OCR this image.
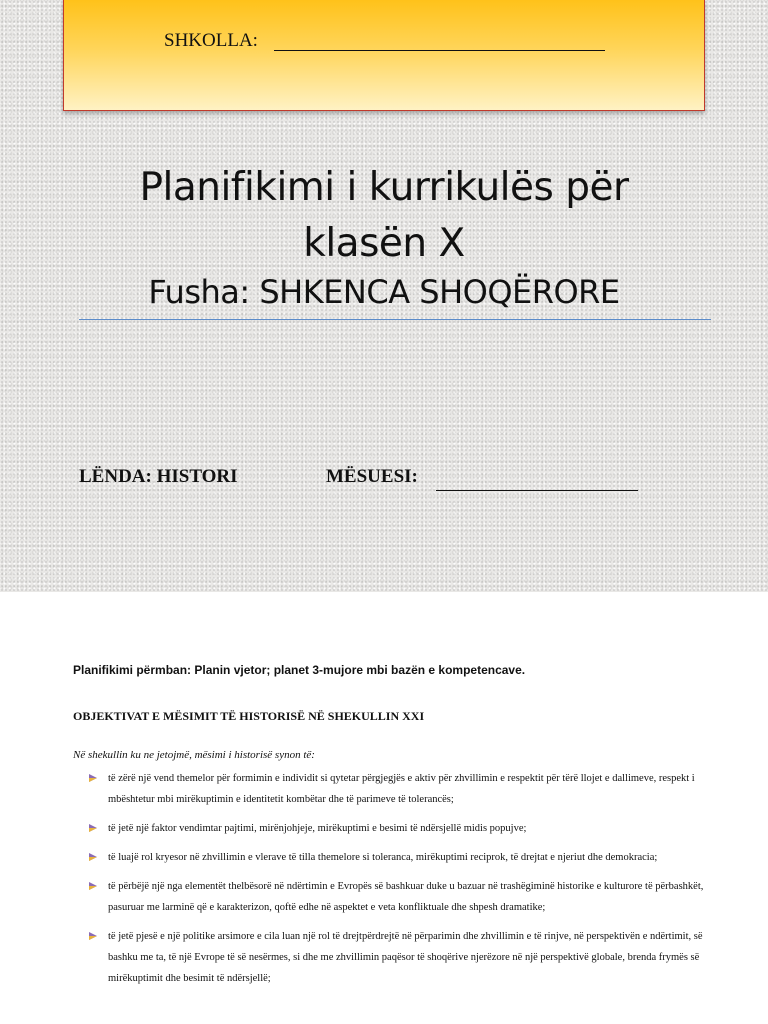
SHKOLLA:
Planifikimi i kurrikulës për
klasën X
Fusha: SHKENCA SHOQËRORE
LËNDA: HISTORI	MËSUESI:
Planifikimi përmban: Planin vjetor; planet 3-mujore mbi bazën e kompetencave.
OBJEKTIVAT E MËSIMIT TË HISTORISË NË SHEKULLIN XXI
Në shekullin ku ne jetojmë, mësimi i historisë synon të:
të zërë një vend themelor për formimin e individit si qytetar përgjegjës e aktiv për zhvillimin e respektit për tërë llojet e dallimeve, respekt i mbështetur mbi mirëkuptimin e identitetit kombëtar dhe të parimeve të tolerancës;
të jetë një faktor vendimtar pajtimi, mirënjohjeje, mirëkuptimi e besimi të ndërsjellë midis popujve;
të luajë rol kryesor në zhvillimin e vlerave të tilla themelore si toleranca, mirëkuptimi reciprok, të drejtat e njeriut dhe demokracia;
të përbëjë një nga elementët thelbësorë në ndërtimin e Evropës së bashkuar duke u bazuar në trashëgiminë historike e kulturore të përbashkët, pasuruar me larminë që e karakterizon, qoftë edhe në aspektet e veta konfliktuale dhe shpesh dramatike;
të jetë pjesë e një politike arsimore e cila luan një rol të drejtpërdrejtë në përparimin dhe zhvillimin e të rinjve, në perspektivën e ndërtimit, së bashku me ta, të një Evrope të së nesërmes, si dhe me zhvillimin paqësor të shoqërive njerëzore në një perspektivë globale, brenda frymës së mirëkuptimit dhe besimit të ndërsjellë;
